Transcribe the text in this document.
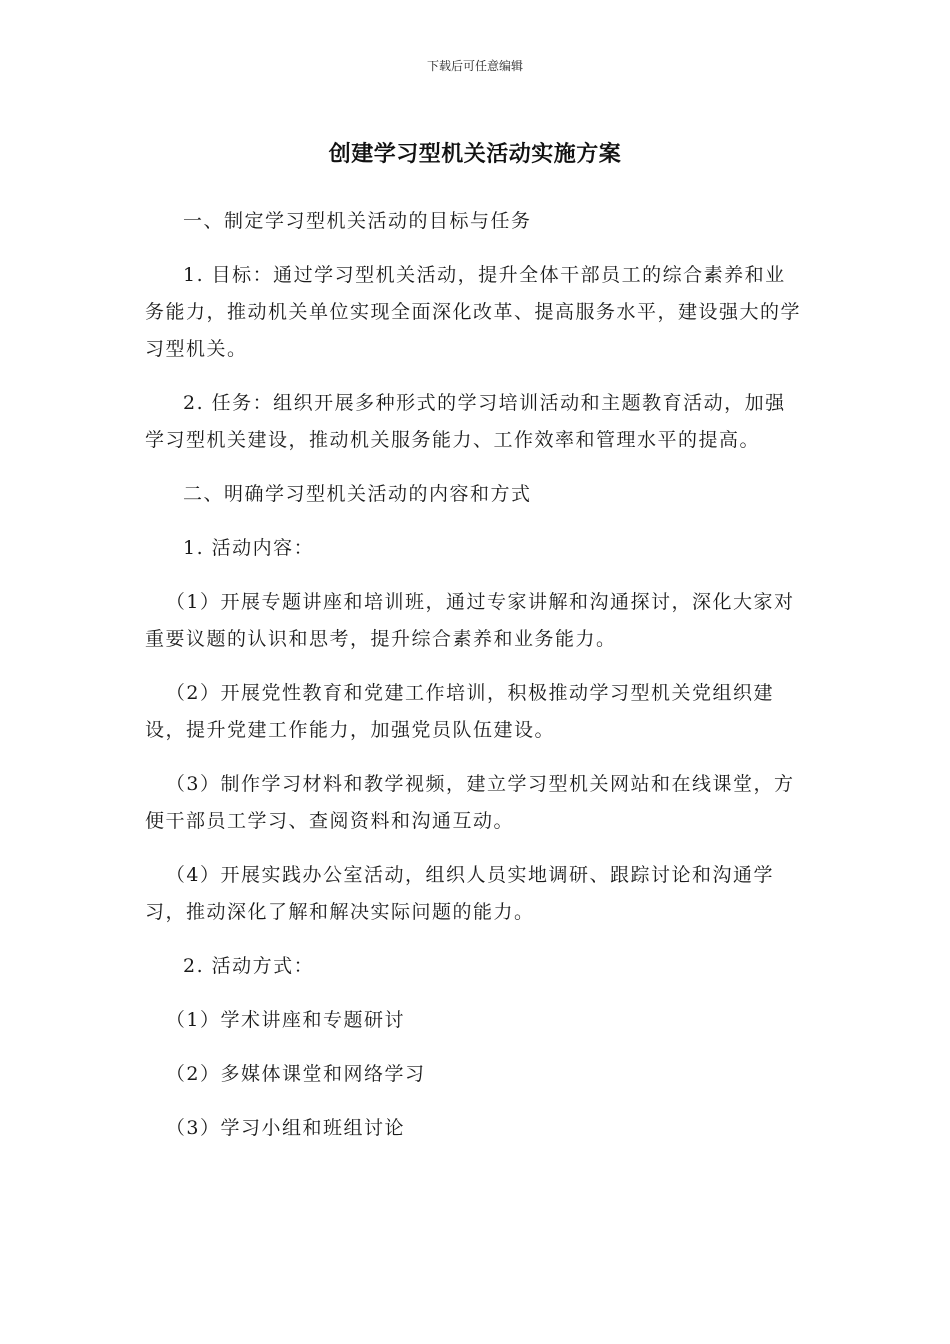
下载后可任意编辑
创建学习型机关活动实施方案

一、制定学习型机关活动的目标与任务

1. 目标：通过学习型机关活动，提升全体干部员工的综合素养和业务能力，推动机关单位实现全面深化改革、提高服务水平，建设强大的学习型机关。

2. 任务：组织开展多种形式的学习培训活动和主题教育活动，加强学习型机关建设，推动机关服务能力、工作效率和管理水平的提高。

二、明确学习型机关活动的内容和方式

1. 活动内容：

（1）开展专题讲座和培训班，通过专家讲解和沟通探讨，深化大家对重要议题的认识和思考，提升综合素养和业务能力。

（2）开展党性教育和党建工作培训，积极推动学习型机关党组织建设，提升党建工作能力，加强党员队伍建设。

（3）制作学习材料和教学视频，建立学习型机关网站和在线课堂，方便干部员工学习、查阅资料和沟通互动。

（4）开展实践办公室活动，组织人员实地调研、跟踪讨论和沟通学习，推动深化了解和解决实际问题的能力。

2. 活动方式：

（1）学术讲座和专题研讨

（2）多媒体课堂和网络学习

（3）学习小组和班组讨论
